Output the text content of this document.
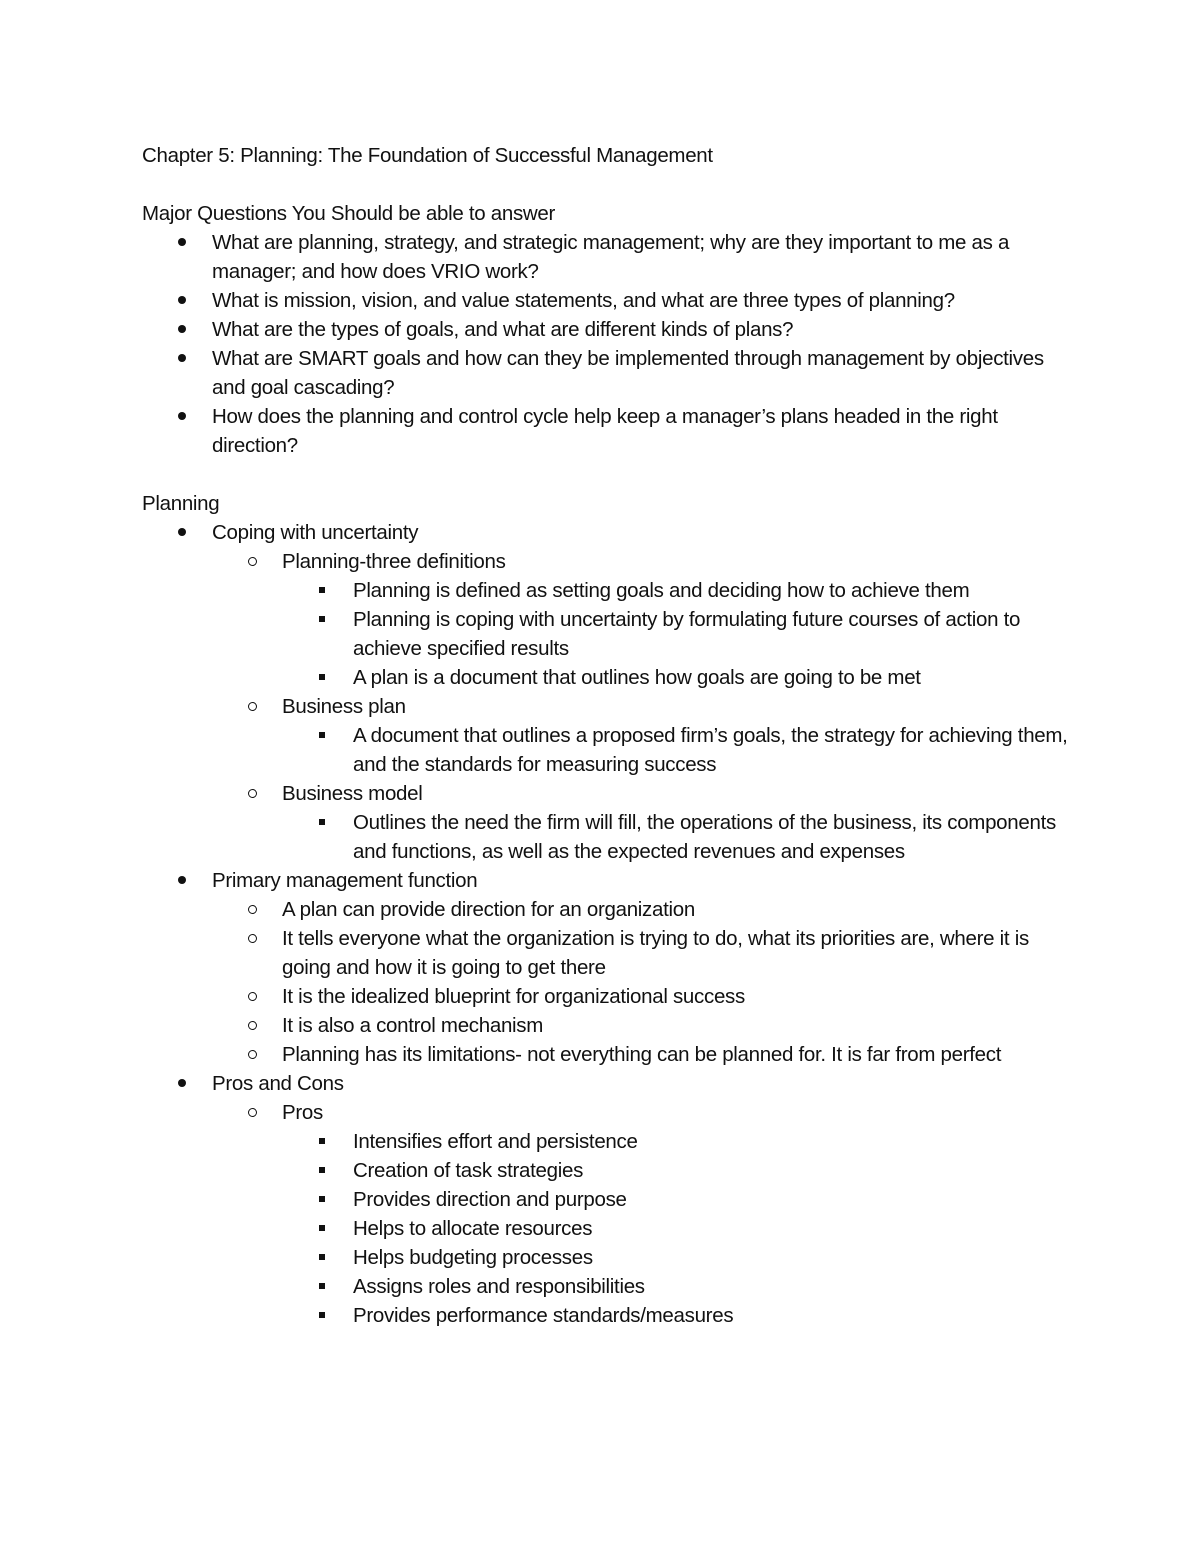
Chapter 5: Planning: The Foundation of Successful Management

Major Questions You Should be able to answer

What are planning, strategy, and strategic management; why are they important to me as a manager; and how does VRIO work?
What is mission, vision, and value statements, and what are three types of planning?
What are the types of goals, and what are different kinds of plans?
What are SMART goals and how can they be implemented through management by objectives and goal cascading?
How does the planning and control cycle help keep a manager’s plans headed in the right direction?

Planning

Coping with uncertainty
Planning-three definitions
Planning is defined as setting goals and deciding how to achieve them
Planning is coping with uncertainty by formulating future courses of action to achieve specified results
A plan is a document that outlines how goals are going to be met
Business plan
A document that outlines a proposed firm’s goals, the strategy for achieving them, and the standards for measuring success
Business model
Outlines the need the firm will fill, the operations of the business, its components and functions, as well as the expected revenues and expenses
Primary management function
A plan can provide direction for an organization
It tells everyone what the organization is trying to do, what its priorities are, where it is going and how it is going to get there
It is the idealized blueprint for organizational success
It is also a control mechanism
Planning has its limitations- not everything can be planned for. It is far from perfect
Pros and Cons
Pros
Intensifies effort and persistence
Creation of task strategies
Provides direction and purpose
Helps to allocate resources
Helps budgeting processes
Assigns roles and responsibilities
Provides performance standards/measures
